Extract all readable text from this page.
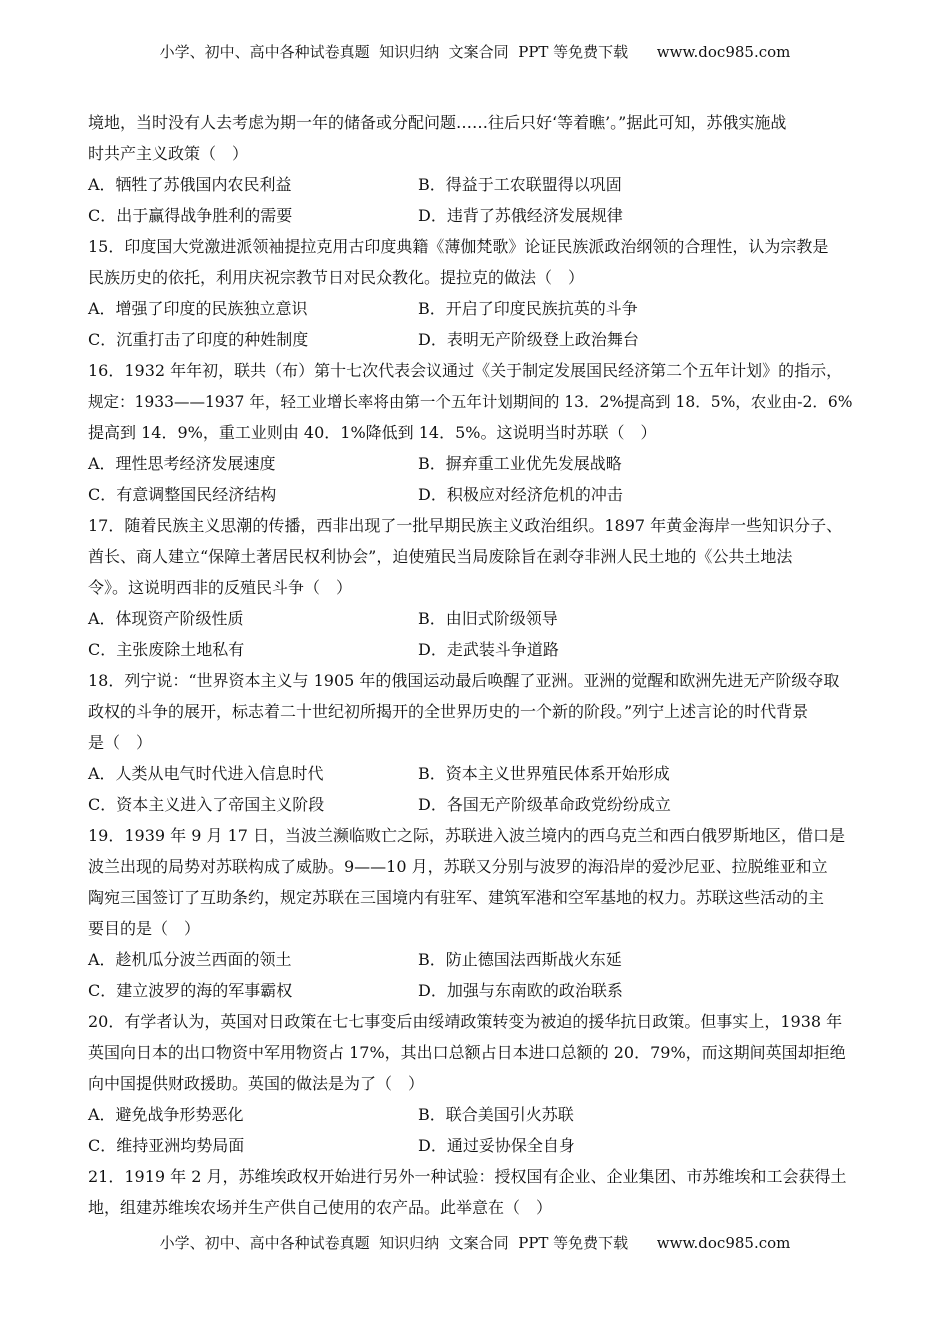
小学、初中、高中各种试卷真题  知识归纳  文案合同  PPT 等免费下载      www.doc985.com
境地，当时没有人去考虑为期一年的储备或分配问题……往后只好‘等着瞧’。”据此可知，苏俄实施战
时共产主义政策（　）
A．牺牲了苏俄国内农民利益	B．得益于工农联盟得以巩固
C．出于赢得战争胜利的需要	D．违背了苏俄经济发展规律
15．印度国大党激进派领袖提拉克用古印度典籍《薄伽梵歌》论证民族派政治纲领的合理性，认为宗教是
民族历史的依托，利用庆祝宗教节日对民众教化。提拉克的做法（　）
A．增强了印度的民族独立意识	B．开启了印度民族抗英的斗争
C．沉重打击了印度的种姓制度	D．表明无产阶级登上政治舞台
16．1932 年年初，联共（布）第十七次代表会议通过《关于制定发展国民经济第二个五年计划》的指示，
规定：1933——1937 年，轻工业增长率将由第一个五年计划期间的 13．2%提高到 18．5%，农业由-2．6%
提高到 14．9%，重工业则由 40．1%降低到 14．5%。这说明当时苏联（　）
A．理性思考经济发展速度	B．摒弃重工业优先发展战略
C．有意调整国民经济结构	D．积极应对经济危机的冲击
17．随着民族主义思潮的传播，西非出现了一批早期民族主义政治组织。1897 年黄金海岸一些知识分子、
酋长、商人建立“保障土著居民权利协会”，迫使殖民当局废除旨在剥夺非洲人民土地的《公共土地法
令》。这说明西非的反殖民斗争（　）
A．体现资产阶级性质	B．由旧式阶级领导
C．主张废除土地私有	D．走武装斗争道路
18．列宁说：“世界资本主义与 1905 年的俄国运动最后唤醒了亚洲。亚洲的觉醒和欧洲先进无产阶级夺取
政权的斗争的展开，标志着二十世纪初所揭开的全世界历史的一个新的阶段。”列宁上述言论的时代背景
是（　）
A．人类从电气时代进入信息时代	B．资本主义世界殖民体系开始形成
C．资本主义进入了帝国主义阶段	D．各国无产阶级革命政党纷纷成立
19．1939 年 9 月 17 日，当波兰濒临败亡之际，苏联进入波兰境内的西乌克兰和西白俄罗斯地区，借口是
波兰出现的局势对苏联构成了威胁。9——10 月，苏联又分别与波罗的海沿岸的爱沙尼亚、拉脱维亚和立
陶宛三国签订了互助条约，规定苏联在三国境内有驻军、建筑军港和空军基地的权力。苏联这些活动的主
要目的是（　）
A．趁机瓜分波兰西面的领土	B．防止德国法西斯战火东延
C．建立波罗的海的军事霸权	D．加强与东南欧的政治联系
20．有学者认为，英国对日政策在七七事变后由绥靖政策转变为被迫的援华抗日政策。但事实上，1938 年
英国向日本的出口物资中军用物资占 17%，其出口总额占日本进口总额的 20．79%，而这期间英国却拒绝
向中国提供财政援助。英国的做法是为了（　）
A．避免战争形势恶化	B．联合美国引火苏联
C．维持亚洲均势局面	D．通过妥协保全自身
21．1919 年 2 月，苏维埃政权开始进行另外一种试验：授权国有企业、企业集团、市苏维埃和工会获得土
地，组建苏维埃农场并生产供自己使用的农产品。此举意在（　）
小学、初中、高中各种试卷真题  知识归纳  文案合同  PPT 等免费下载      www.doc985.com
